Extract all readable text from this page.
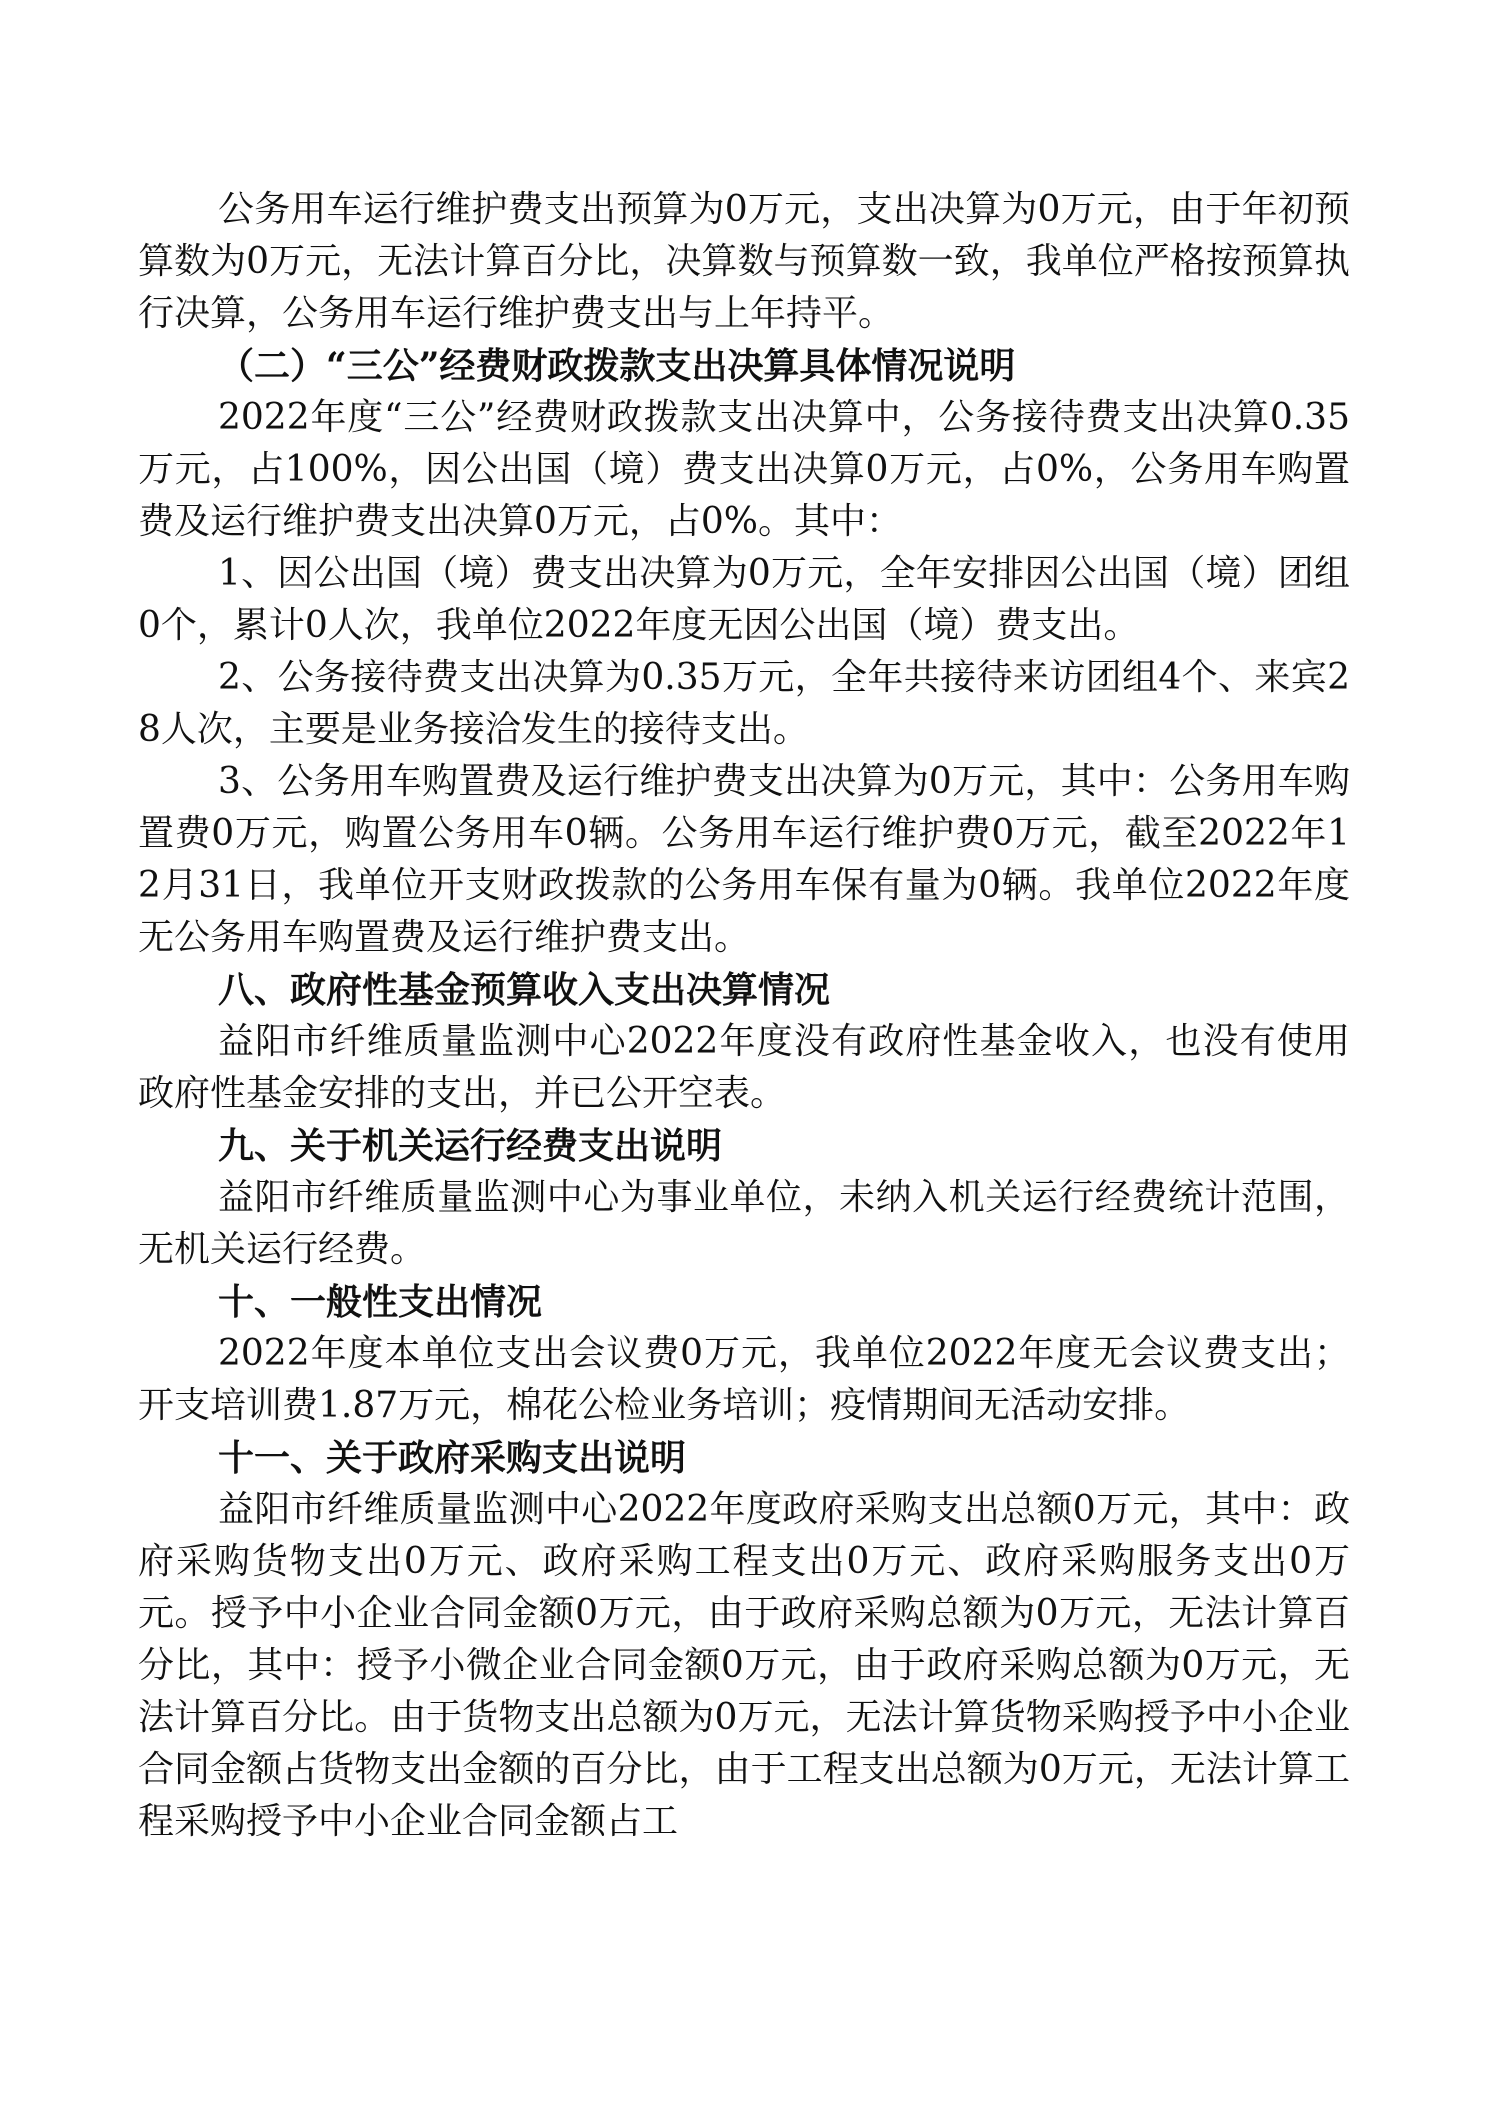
公务用车运行维护费支出预算为0万元，支出决算为0万元，由于年初预算数为0万元，无法计算百分比，决算数与预算数一致，我单位严格按预算执行决算，公务用车运行维护费支出与上年持平。

（二）“三公”经费财政拨款支出决算具体情况说明

2022年度“三公”经费财政拨款支出决算中，公务接待费支出决算0.35万元，占100%，因公出国（境）费支出决算0万元，占0%，公务用车购置费及运行维护费支出决算0万元，占0%。其中：

1、因公出国（境）费支出决算为0万元，全年安排因公出国（境）团组0个，累计0人次，我单位2022年度无因公出国（境）费支出。

2、公务接待费支出决算为0.35万元，全年共接待来访团组4个、来宾28人次，主要是业务接洽发生的接待支出。

3、公务用车购置费及运行维护费支出决算为0万元，其中：公务用车购置费0万元，购置公务用车0辆。公务用车运行维护费0万元，截至2022年12月31日，我单位开支财政拨款的公务用车保有量为0辆。我单位2022年度无公务用车购置费及运行维护费支出。

八、政府性基金预算收入支出决算情况

益阳市纤维质量监测中心2022年度没有政府性基金收入，也没有使用政府性基金安排的支出，并已公开空表。

九、关于机关运行经费支出说明

益阳市纤维质量监测中心为事业单位，未纳入机关运行经费统计范围，无机关运行经费。

十、一般性支出情况

2022年度本单位支出会议费0万元，我单位2022年度无会议费支出；开支培训费1.87万元，棉花公检业务培训；疫情期间无活动安排。

十一、关于政府采购支出说明

益阳市纤维质量监测中心2022年度政府采购支出总额0万元，其中：政府采购货物支出0万元、政府采购工程支出0万元、政府采购服务支出0万元。授予中小企业合同金额0万元，由于政府采购总额为0万元，无法计算百分比，其中：授予小微企业合同金额0万元，由于政府采购总额为0万元，无法计算百分比。由于货物支出总额为0万元，无法计算货物采购授予中小企业合同金额占货物支出金额的百分比，由于工程支出总额为0万元，无法计算工程采购授予中小企业合同金额占工
